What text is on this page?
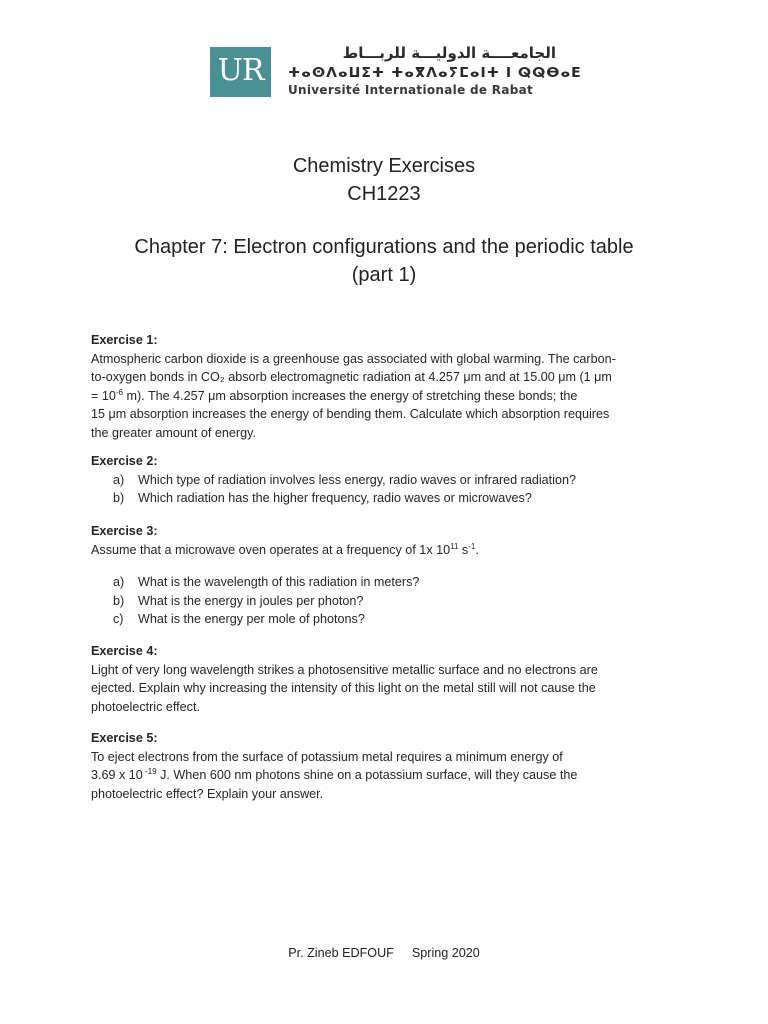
UR	الجامعــــة الدوليـــة للربـــاط
ⵜⴰⵙⴷⴰⵡⵉⵜ ⵜⴰⴳⴷⴰⵢⵎⴰⵏⵜ ⵏ ⵕⵕⴱⴰⴹ
Université Internationale de Rabat
Chemistry Exercises
CH1223
Chapter 7: Electron configurations and the periodic table
(part 1)
Exercise 1:
Atmospheric carbon dioxide is a greenhouse gas associated with global warming. The carbon-
to-oxygen bonds in CO₂ absorb electromagnetic radiation at 4.257 μm and at 15.00 μm (1 μm
= $10^{-6}$ m). The 4.257 μm absorption increases the energy of stretching these bonds; the
15 μm absorption increases the energy of bending them. Calculate which absorption requires
the greater amount of energy.
Exercise 2:
a) Which type of radiation involves less energy, radio waves or infrared radiation?
b) Which radiation has the higher frequency, radio waves or microwaves?
Exercise 3:
Assume that a microwave oven operates at a frequency of 1x $10^{11}$ $s^{-1}$.
a) What is the wavelength of this radiation in meters?
b) What is the energy in joules per photon?
c) What is the energy per mole of photons?
Exercise 4:
Light of very long wavelength strikes a photosensitive metallic surface and no electrons are
ejected. Explain why increasing the intensity of this light on the metal still will not cause the
photoelectric effect.
Exercise 5:
To eject electrons from the surface of potassium metal requires a minimum energy of
3.69 x 10 $^{-19}$ J. When 600 nm photons shine on a potassium surface, will they cause the
photoelectric effect? Explain your answer.
Pr. Zineb EDFOUF Spring 2020
